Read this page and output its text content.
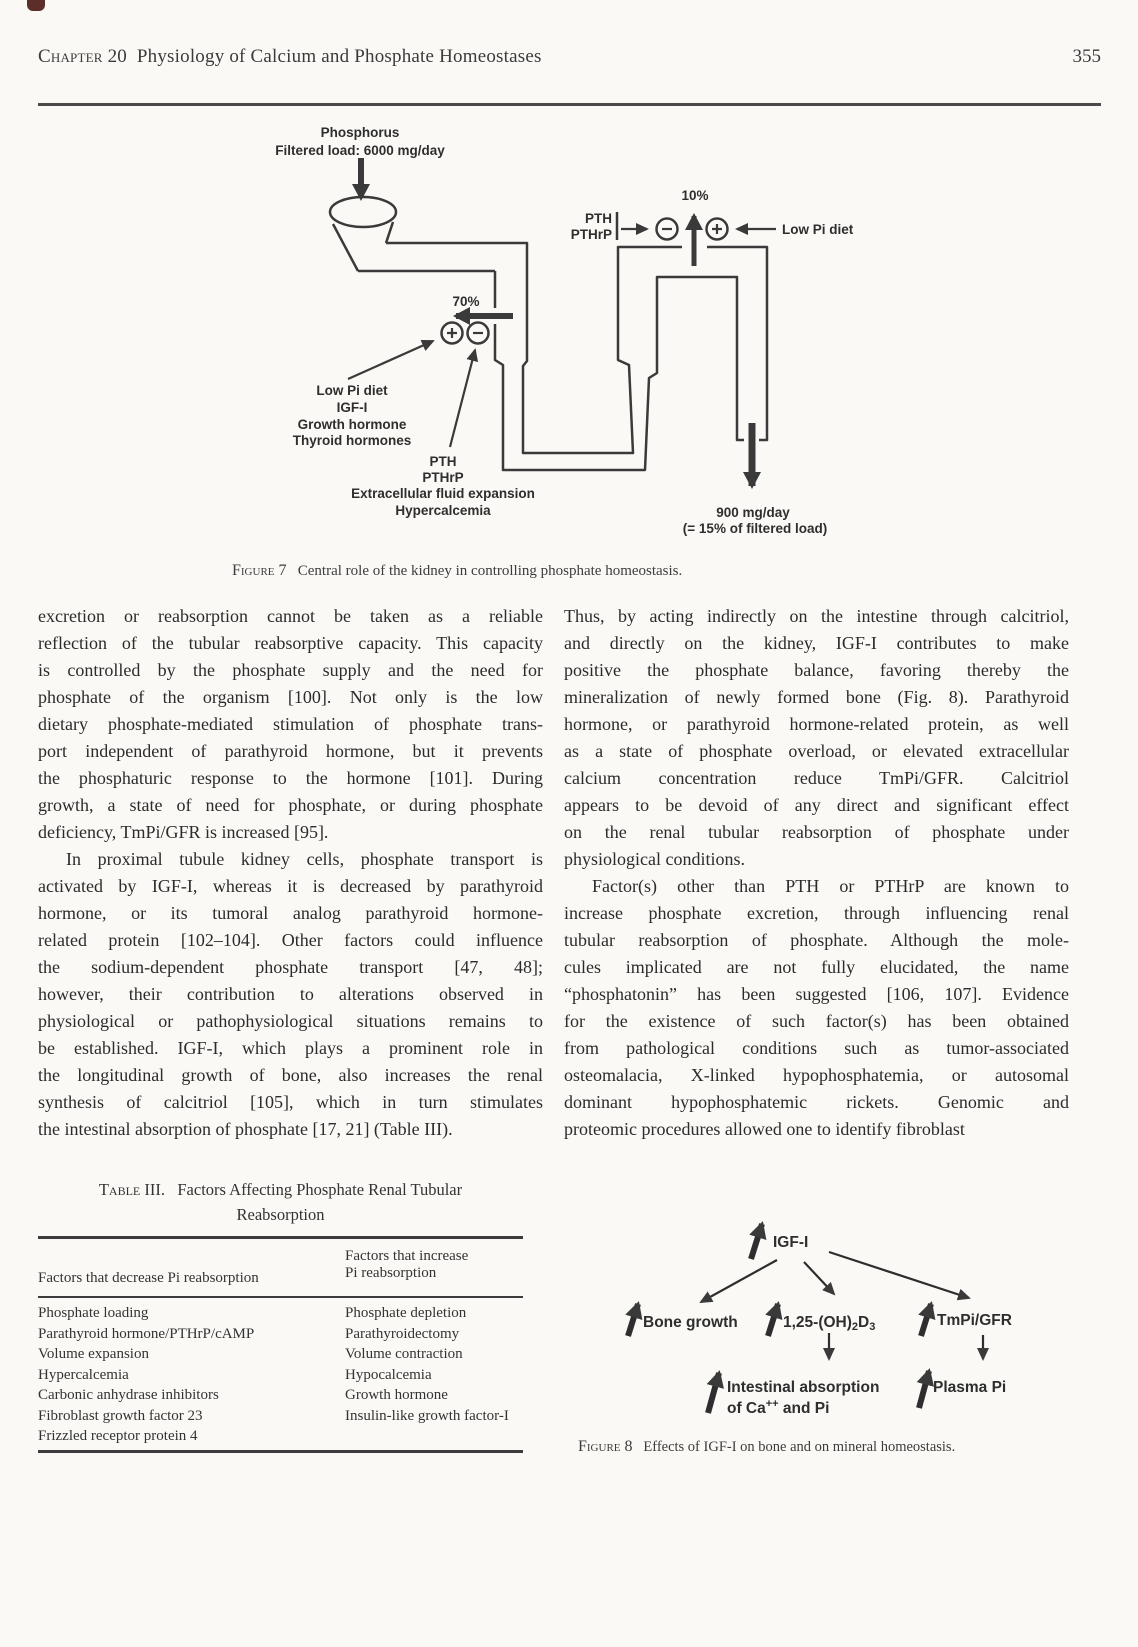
Chapter 20 Physiology of Calcium and Phosphate Homeostases	355
Phosphorus
Filtered load: 6000 mg/day
70%
Low Pi diet
IGF-I
Growth hormone
Thyroid hormones
PTH
PTHrP
Extracellular fluid expansion
Hypercalcemia
10%
PTH
PTHrP	Low Pi diet
900 mg/day
(= 15% of filtered load)
Figure 7 Central role of the kidney in controlling phosphate homeostasis.
excretion or reabsorption cannot be taken as a reliable
reflection of the tubular reabsorptive capacity. This capacity
is controlled by the phosphate supply and the need for
phosphate of the organism [100]. Not only is the low
dietary phosphate-mediated stimulation of phosphate trans-
port independent of parathyroid hormone, but it prevents
the phosphaturic response to the hormone [101]. During
growth, a state of need for phosphate, or during phosphate
deficiency, TmPi/GFR is increased [95].
In proximal tubule kidney cells, phosphate transport is
activated by IGF-I, whereas it is decreased by parathyroid
hormone, or its tumoral analog parathyroid hormone-
related protein [102–104]. Other factors could influence
the sodium-dependent phosphate transport [47, 48];
however, their contribution to alterations observed in
physiological or pathophysiological situations remains to
be established. IGF-I, which plays a prominent role in
the longitudinal growth of bone, also increases the renal
synthesis of calcitriol [105], which in turn stimulates
the intestinal absorption of phosphate [17, 21] (Table III).
Thus, by acting indirectly on the intestine through calcitriol,
and directly on the kidney, IGF-I contributes to make
positive the phosphate balance, favoring thereby the
mineralization of newly formed bone (Fig. 8). Parathyroid
hormone, or parathyroid hormone-related protein, as well
as a state of phosphate overload, or elevated extracellular
calcium concentration reduce TmPi/GFR. Calcitriol
appears to be devoid of any direct and significant effect
on the renal tubular reabsorption of phosphate under
physiological conditions.
Factor(s) other than PTH or PTHrP are known to
increase phosphate excretion, through influencing renal
tubular reabsorption of phosphate. Although the mole-
cules implicated are not fully elucidated, the name
“phosphatonin” has been suggested [106, 107]. Evidence
for the existence of such factor(s) has been obtained
from pathological conditions such as tumor-associated
osteomalacia, X-linked hypophosphatemia, or autosomal
dominant hypophosphatemic rickets. Genomic and
proteomic procedures allowed one to identify fibroblast
Table III. Factors Affecting Phosphate Renal Tubular
Reabsorption
Factors that decrease Pi reabsorption
Factors that increase
Pi reabsorption
Phosphate loading	Phosphate depletion
Parathyroid hormone/PTHrP/cAMP	Parathyroidectomy
Volume expansion	Volume contraction
Hypercalcemia	Hypocalcemia
Carbonic anhydrase inhibitors	Growth hormone
Fibroblast growth factor 23	Insulin-like growth factor-I
Frizzled receptor protein 4
IGF-I
Bone growth	1,25-(OH)2D3	TmPi/GFR
Intestinal absorption
of Ca++ and Pi
Plasma Pi
Figure 8 Effects of IGF-I on bone and on mineral homeostasis.
